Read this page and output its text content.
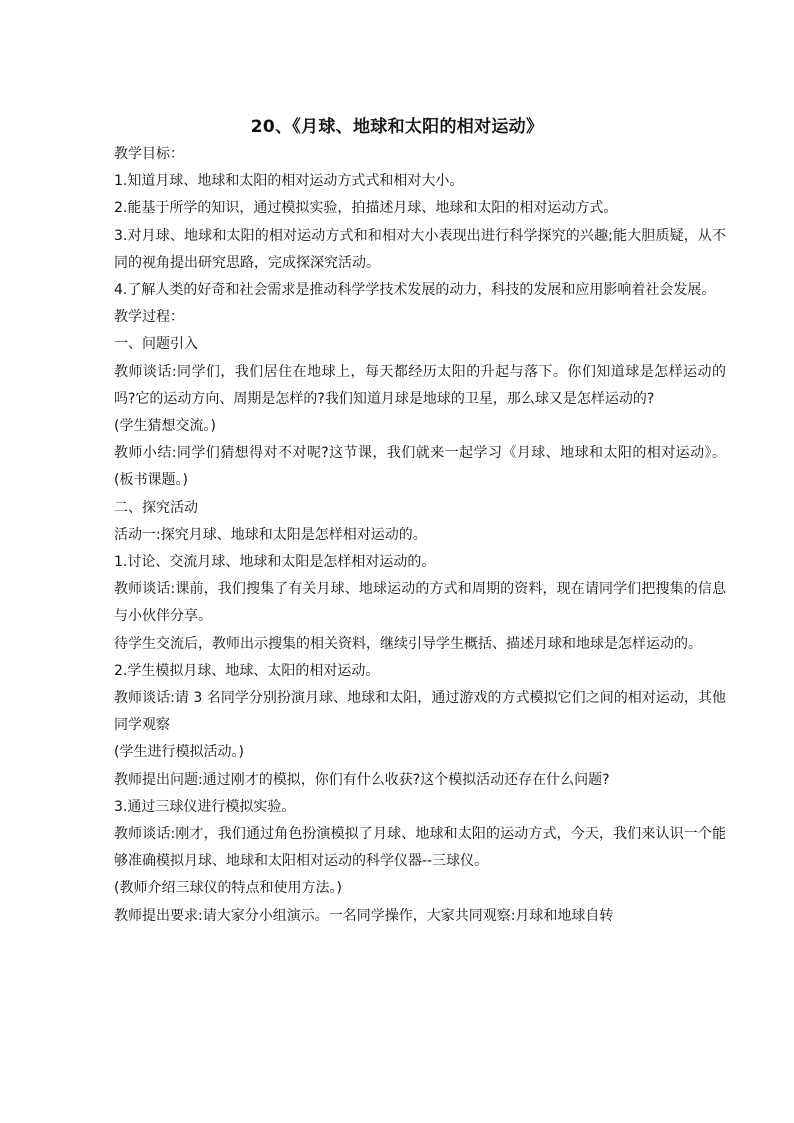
20、《月球、地球和太阳的相对运动》

教学目标：

1.知道月球、地球和太阳的相对运动方式式和相对大小。

2.能基于所学的知识，通过模拟实验，拍描述月球、地球和太阳的相对运动方式。

3.对月球、地球和太阳的相对运动方式和和相对大小表现出进行科学探究的兴趣;能大胆质疑，从不同的视角提出研究思路，完成探深究活动。

4.了解人类的好奇和社会需求是推动科学学技术发展的动力，科技的发展和应用影响着社会发展。

教学过程：

一、问题引入

教师谈话:同学们，我们居住在地球上，每天都经历太阳的升起与落下。你们知道球是怎样运动的吗?它的运动方向、周期是怎样的?我们知道月球是地球的卫星，那么球又是怎样运动的?

(学生猜想交流。)

教师小结:同学们猜想得对不对呢?这节课，我们就来一起学习《月球、地球和太阳的相对运动》。(板书课题。)

二、探究活动

活动一:探究月球、地球和太阳是怎样相对运动的。

1.讨论、交流月球、地球和太阳是怎样相对运动的。

教师谈话:课前，我们搜集了有关月球、地球运动的方式和周期的资料，现在请同学们把搜集的信息与小伙伴分享。

待学生交流后，教师出示搜集的相关资料，继续引导学生概括、描述月球和地球是怎样运动的。

2.学生模拟月球、地球、太阳的相对运动。

教师谈话:请 3 名同学分别扮演月球、地球和太阳，通过游戏的方式模拟它们之间的相对运动，其他同学观察

(学生进行模拟活动。)

教师提出问题:通过刚才的模拟，你们有什么收获?这个模拟活动还存在什么问题?

3.通过三球仪进行模拟实验。

教师谈话:刚才，我们通过角色扮演模拟了月球、地球和太阳的运动方式，今天，我们来认识一个能够准确模拟月球、地球和太阳相对运动的科学仪器--三球仪。

(教师介绍三球仪的特点和使用方法。)

教师提出要求:请大家分小组演示。一名同学操作，大家共同观察:月球和地球自转
